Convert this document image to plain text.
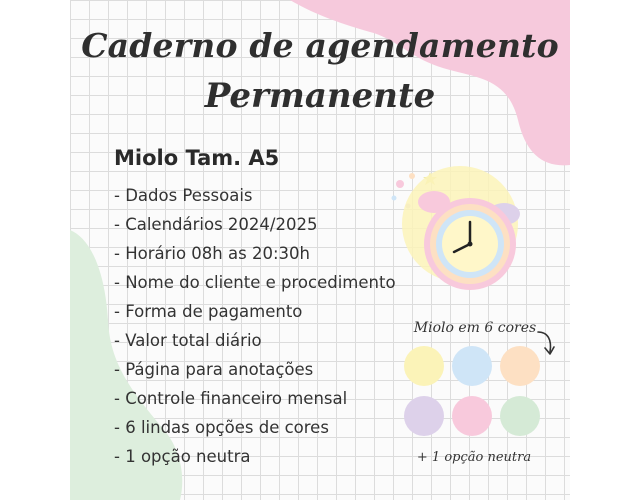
Caderno de agendamento
Permanente
Miolo Tam. A5
- Dados Pessoais
- Calendários 2024/2025
- Horário 08h as 20:30h
- Nome do cliente e procedimento
- Forma de pagamento
- Valor total diário
- Página para anotações
- Controle financeiro mensal
- 6 lindas opções de cores
- 1 opção neutra
Miolo em 6 cores
+ 1 opção neutra
